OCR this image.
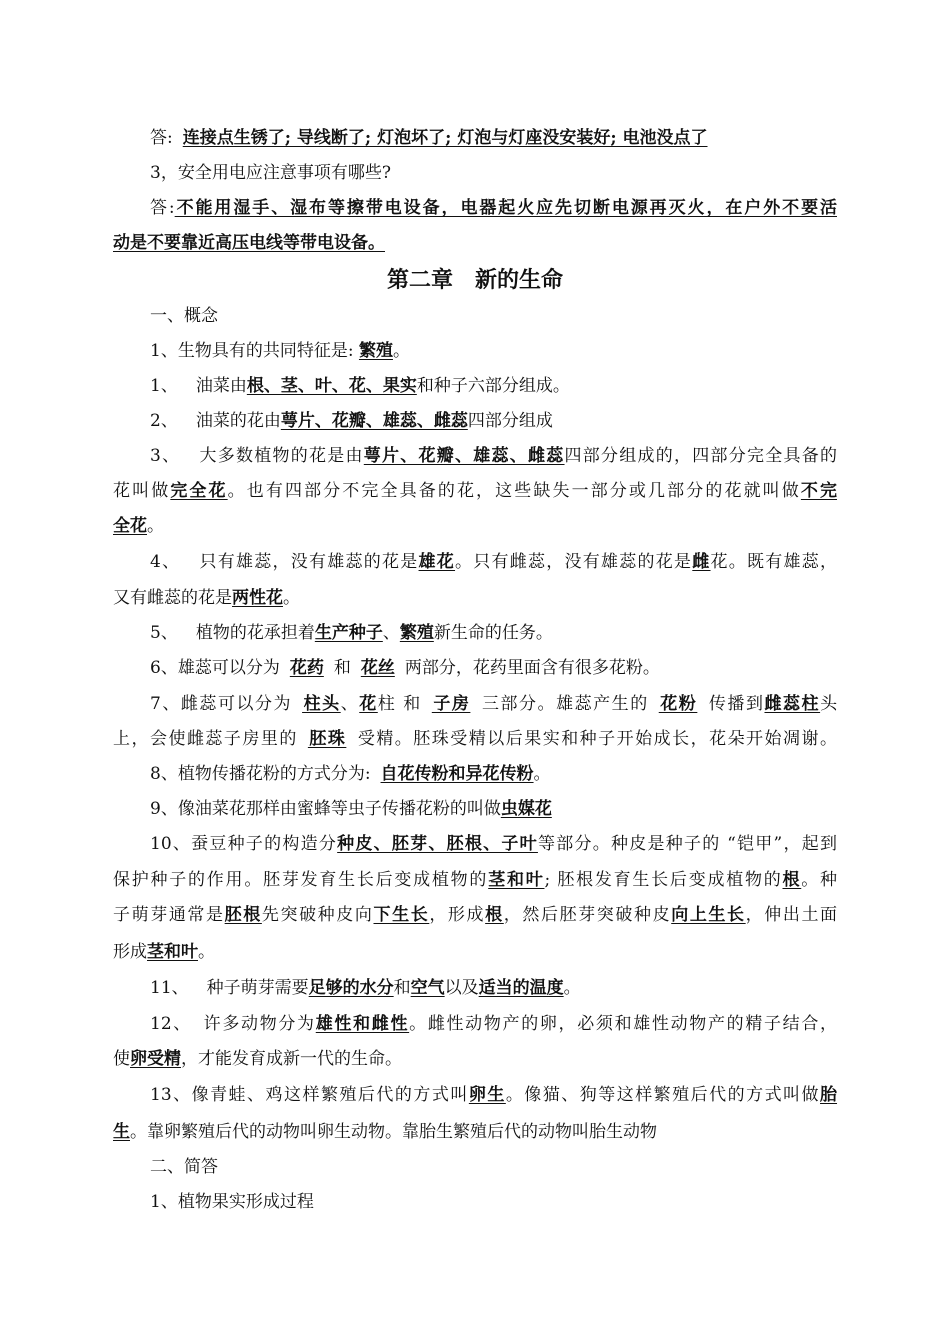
答: 连接点生锈了; 导线断了; 灯泡坏了; 灯泡与灯座没安装好; 电池没点了
3，安全用电应注意事项有哪些?
答:不能用湿手、湿布等擦带电设备，电器起火应先切断电源再灭火，在户外不要活
动是不要靠近高压电线等带电设备。
第二章 新的生命
一、概念
1、生物具有的共同特征是: 繁殖。
1、 油菜由根、茎、叶、花、果实和种子六部分组成。
2、 油菜的花由萼片、花瓣、雄蕊、雌蕊四部分组成
3、 大多数植物的花是由萼片、花瓣、雄蕊、雌蕊四部分组成的，四部分完全具备的
花叫做完全花。也有四部分不完全具备的花，这些缺失一部分或几部分的花就叫做不完
全花。
4、 只有雄蕊，没有雄蕊的花是雄花。只有雌蕊，没有雄蕊的花是雌花。既有雄蕊，
又有雌蕊的花是两性花。
5、 植物的花承担着生产种子、繁殖新生命的任务。
6、雄蕊可以分为 花药 和 花丝 两部分，花药里面含有很多花粉。
7、雌蕊可以分为 柱头、花柱 和 子房 三部分。雄蕊产生的 花粉 传播到雌蕊柱头
上，会使雌蕊子房里的 胚珠 受精。胚珠受精以后果实和种子开始成长，花朵开始凋谢。
8、植物传播花粉的方式分为: 自花传粉和异花传粉。
9、像油菜花那样由蜜蜂等虫子传播花粉的叫做虫媒花
10、蚕豆种子的构造分种皮、胚芽、胚根、子叶等部分。种皮是种子的 “铠甲”，起到
保护种子的作用。胚芽发育生长后变成植物的茎和叶; 胚根发育生长后变成植物的根。种
子萌芽通常是胚根先突破种皮向下生长，形成根，然后胚芽突破种皮向上生长，伸出土面
形成茎和叶。
11、 种子萌芽需要足够的水分和空气以及适当的温度。
12、 许多动物分为雄性和雌性。雌性动物产的卵，必须和雄性动物产的精子结合，
使卵受精，才能发育成新一代的生命。
13、像青蛙、鸡这样繁殖后代的方式叫卵生。像猫、狗等这样繁殖后代的方式叫做胎
生。靠卵繁殖后代的动物叫卵生动物。靠胎生繁殖后代的动物叫胎生动物
二、简答
1、植物果实形成过程
